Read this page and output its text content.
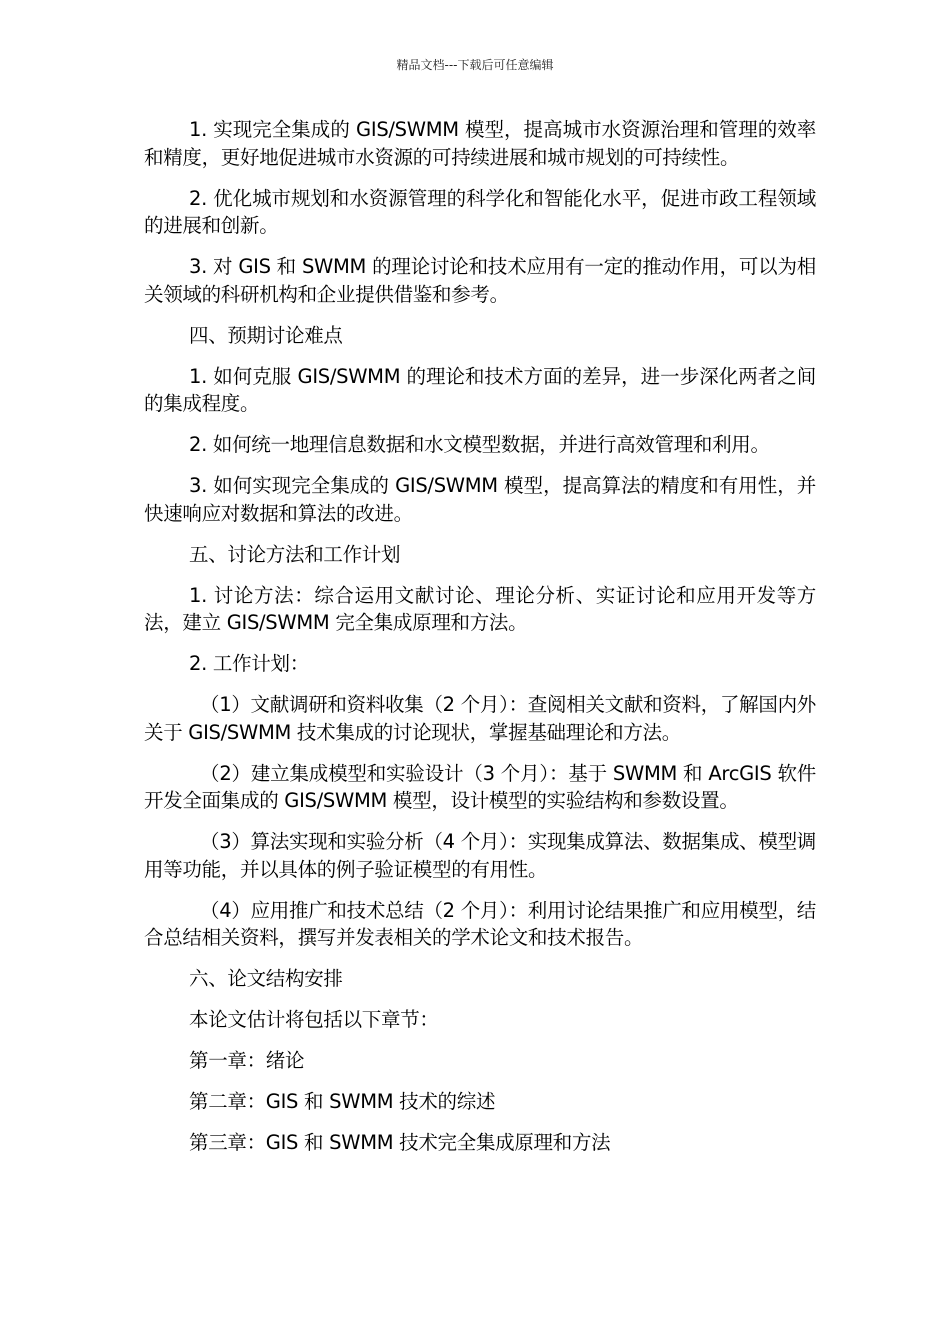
精品文档---下载后可任意编辑

1. 实现完全集成的 GIS/SWMM 模型，提高城市水资源治理和管理的效率和精度，更好地促进城市水资源的可持续进展和城市规划的可持续性。

2. 优化城市规划和水资源管理的科学化和智能化水平，促进市政工程领域的进展和创新。

3. 对 GIS 和 SWMM 的理论讨论和技术应用有一定的推动作用，可以为相关领域的科研机构和企业提供借鉴和参考。

四、预期讨论难点

1. 如何克服 GIS/SWMM 的理论和技术方面的差异，进一步深化两者之间的集成程度。

2. 如何统一地理信息数据和水文模型数据，并进行高效管理和利用。

3. 如何实现完全集成的 GIS/SWMM 模型，提高算法的精度和有用性，并快速响应对数据和算法的改进。

五、讨论方法和工作计划

1. 讨论方法：综合运用文献讨论、理论分析、实证讨论和应用开发等方法，建立 GIS/SWMM 完全集成原理和方法。

2. 工作计划：

（1）文献调研和资料收集（2 个月）：查阅相关文献和资料，了解国内外关于 GIS/SWMM 技术集成的讨论现状，掌握基础理论和方法。

（2）建立集成模型和实验设计（3 个月）：基于 SWMM 和 ArcGIS 软件开发全面集成的 GIS/SWMM 模型，设计模型的实验结构和参数设置。

（3）算法实现和实验分析（4 个月）：实现集成算法、数据集成、模型调用等功能，并以具体的例子验证模型的有用性。

（4）应用推广和技术总结（2 个月）：利用讨论结果推广和应用模型，结合总结相关资料，撰写并发表相关的学术论文和技术报告。

六、论文结构安排

本论文估计将包括以下章节：

第一章：绪论

第二章：GIS 和 SWMM 技术的综述

第三章：GIS 和 SWMM 技术完全集成原理和方法
